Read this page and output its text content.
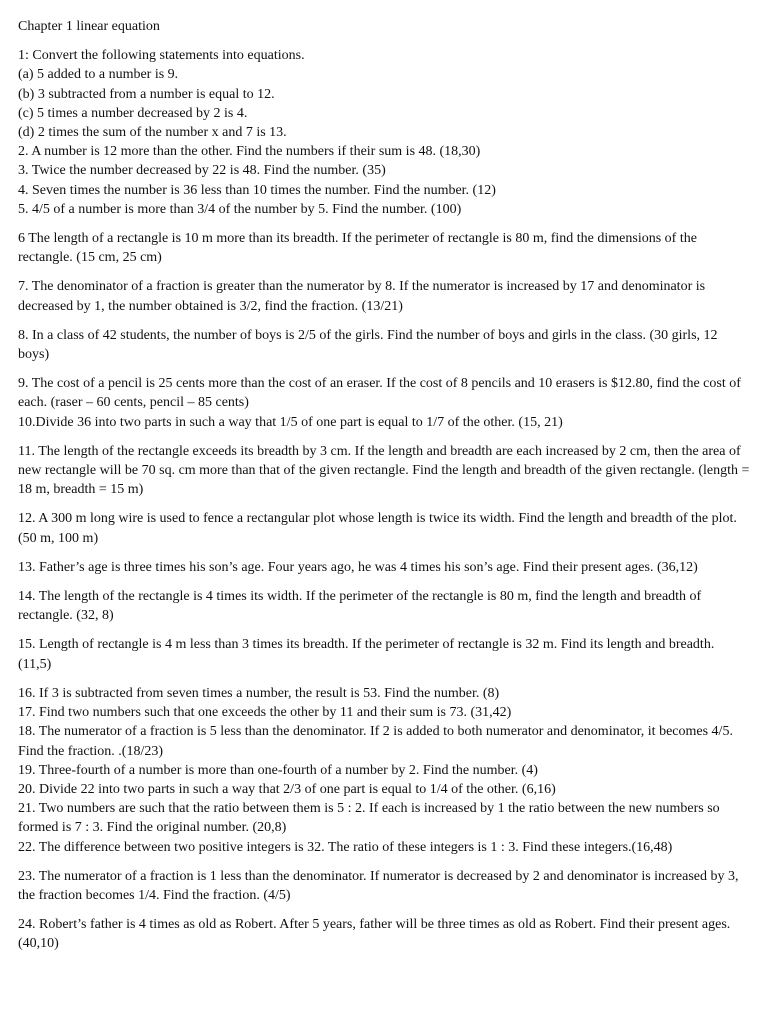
Chapter 1 linear equation
1: Convert the following statements into equations.
(a) 5 added to a number is 9.
(b) 3 subtracted from a number is equal to 12.
(c) 5 times a number decreased by 2 is 4.
(d) 2 times the sum of the number x and 7 is 13.
2. A number is 12 more than the other. Find the numbers if their sum is 48. (18,30)
3. Twice the number decreased by 22 is 48. Find the number. (35)
4. Seven times the number is 36 less than 10 times the number. Find the number. (12)
5. 4/5 of a number is more than 3/4 of the number by 5. Find the number. (100)
6 The length of a rectangle is 10 m more than its breadth. If the perimeter of rectangle is 80 m, find the dimensions of the rectangle. (15 cm, 25 cm)
7. The denominator of a fraction is greater than the numerator by 8. If the numerator is increased by 17 and denominator is decreased by 1, the number obtained is 3/2, find the fraction. (13/21)
8. In a class of 42 students, the number of boys is 2/5 of the girls. Find the number of boys and girls in the class. (30 girls, 12 boys)
9. The cost of a pencil is 25 cents more than the cost of an eraser. If the cost of 8 pencils and 10 erasers is $12.80, find the cost of each. (raser – 60 cents, pencil – 85 cents)
10.Divide 36 into two parts in such a way that 1/5 of one part is equal to 1/7 of the other. (15, 21)
11. The length of the rectangle exceeds its breadth by 3 cm. If the length and breadth are each increased by 2 cm, then the area of new rectangle will be 70 sq. cm more than that of the given rectangle. Find the length and breadth of the given rectangle. (length = 18 m, breadth = 15 m)
12. A 300 m long wire is used to fence a rectangular plot whose length is twice its width. Find the length and breadth of the plot. (50 m, 100 m)
13. Father’s age is three times his son’s age. Four years ago, he was 4 times his son’s age. Find their present ages. (36,12)
14. The length of the rectangle is 4 times its width. If the perimeter of the rectangle is 80 m, find the length and breadth of rectangle. (32, 8)
15. Length of rectangle is 4 m less than 3 times its breadth. If the perimeter of rectangle is 32 m. Find its length and breadth. (11,5)
16. If 3 is subtracted from seven times a number, the result is 53. Find the number. (8)
17. Find two numbers such that one exceeds the other by 11 and their sum is 73. (31,42)
18. The numerator of a fraction is 5 less than the denominator. If 2 is added to both numerator and denominator, it becomes 4/5. Find the fraction. .(18/23)
19. Three-fourth of a number is more than one-fourth of a number by 2. Find the number. (4)
20. Divide 22 into two parts in such a way that 2/3 of one part is equal to 1/4 of the other. (6,16)
21. Two numbers are such that the ratio between them is 5 : 2. If each is increased by 1 the ratio between the new numbers so formed is 7 : 3. Find the original number. (20,8)
22. The difference between two positive integers is 32. The ratio of these integers is 1 : 3. Find these integers.(16,48)
23. The numerator of a fraction is 1 less than the denominator. If numerator is decreased by 2 and denominator is increased by 3, the fraction becomes 1/4. Find the fraction. (4/5)
24. Robert’s father is 4 times as old as Robert. After 5 years, father will be three times as old as Robert. Find their present ages. (40,10)
